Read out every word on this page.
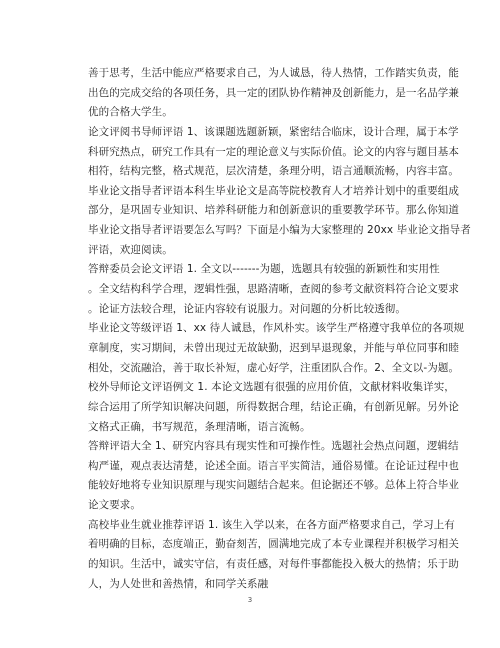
善于思考，生活中能应严格要求自己，为人诚恳，待人热情，工作踏实负责，能
出色的完成交给的各项任务，具一定的团队协作精神及创新能力，是一名品学兼
优的合格大学生。
论文评阅书导师评语 1、该课题选题新颖，紧密结合临床，设计合理，属于本学
科研究热点，研究工作具有一定的理论意义与实际价值。论文的内容与题目基本
相符，结构完整，格式规范，层次清楚，条理分明，语言通顺流畅，内容丰富。
毕业论文指导者评语本科生毕业论文是高等院校教育人才培养计划中的重要组成
部分，是巩固专业知识、培养科研能力和创新意识的重要教学环节。那么你知道
毕业论文指导者评语要怎么写吗？下面是小编为大家整理的 20xx 毕业论文指导者
评语，欢迎阅读。
答辩委员会论文评语 1. 全文以-------为题，选题具有较强的新颖性和实用性
。全文结构科学合理，逻辑性强，思路清晰，查阅的参考文献资料符合论文要求
。论证方法较合理，论证内容较有说服力。对问题的分析比较透彻。
毕业论文等级评语 1、xx 待人诚恳，作风朴实。该学生严格遵守我单位的各项规
章制度，实习期间，未曾出现过无故缺勤，迟到早退现象，并能与单位同事和睦
相处，交流融洽，善于取长补短，虚心好学，注重团队合作。2、全文以-为题。
校外导师论文评语例文 1. 本论文选题有很强的应用价值，文献材料收集详实，
综合运用了所学知识解决问题，所得数据合理，结论正确，有创新见解。另外论
文格式正确，书写规范，条理清晰，语言流畅。
答辩评语大全 1、研究内容具有现实性和可操作性。选题社会热点问题，逻辑结
构严谨，观点表达清楚，论述全面。语言平实简洁，通俗易懂。在论证过程中也
能较好地将专业知识原理与现实问题结合起来。但论据还不够。总体上符合毕业
论文要求。
高校毕业生就业推荐评语 1. 该生入学以来，在各方面严格要求自己，学习上有
着明确的目标，态度端正，勤奋刻苦，圆满地完成了本专业课程并积极学习相关
的知识。生活中，诚实守信，有责任感，对每件事都能投入极大的热情；乐于助
人，为人处世和善热情，和同学关系融
3
